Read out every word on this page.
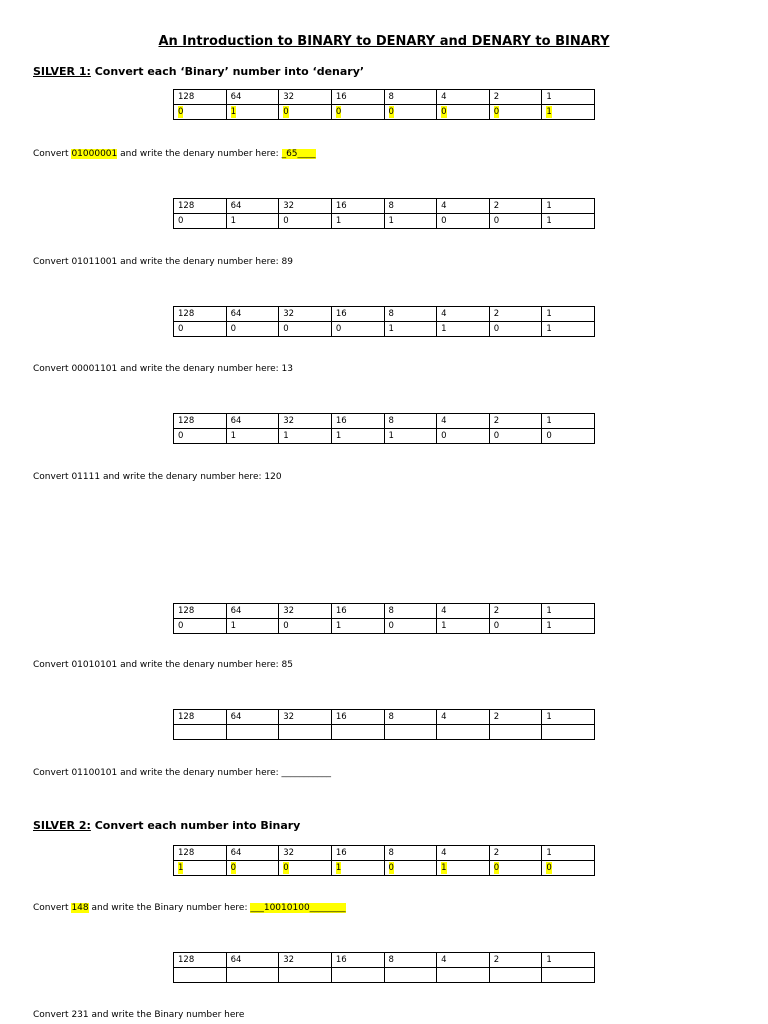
An Introduction to BINARY to DENARY and DENARY to BINARY
SILVER 1: Convert each ‘Binary’ number into ‘denary’
128	64	32	16	8	4	2	1
0	1	0	0	0	0	0	1
Convert 01000001 and write the denary number here: _65____
128	64	32	16	8	4	2	1
0	1	0	1	1	0	0	1
Convert 01011001 and write the denary number here: 89
128	64	32	16	8	4	2	1
0	0	0	0	1	1	0	1
Convert 00001101 and write the denary number here: 13
128	64	32	16	8	4	2	1
0	1	1	1	1	0	0	0
Convert 01111 and write the denary number here: 120
128	64	32	16	8	4	2	1
0	1	0	1	0	1	0	1
Convert 01010101 and write the denary number here: 85
128	64	32	16	8	4	2	1

Convert 01100101 and write the denary number here: ___________
SILVER 2: Convert each number into Binary
128	64	32	16	8	4	2	1
1	0	0	1	0	1	0	0
Convert 148 and write the Binary number here: ___10010100________
128	64	32	16	8	4	2	1

Convert 231 and write the Binary number here
